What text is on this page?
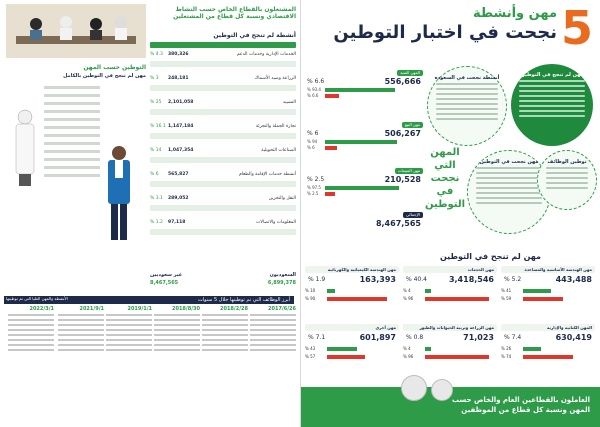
المشتغلون بالقطاع الخاص حسب النشاط الاقتصادي ونسبة كل قطاع من المشتغلين
أنشطة لم تنجح في التوطين
الخدمات الإدارية وخدمات الدعم
380,326
% 4.3
الزراعة وصيد الأسماك
248,181
% 3
التشييد
2,101,058
% 25
تجارة الجملة والتجزئة
1,147,184
% 16.1
الصناعات التحويلية
1,047,354
% 14
أنشطة خدمات الإقامة والطعام
565,827
% 6
النقل والتخزين
289,052
% 3.1
المعلومات والاتصالات
97,118
% 1.2
السعوديون
6,899,378
غير سعوديين
8,467,565
التوطين حسب المهن
مهن لم تنجح في التوطين بالكامل
أبرز الوظائف التي تم توطينها خلال 5 سنوات
الأنشطة والمهن العليا التي تم توطينها
2017/6/26
2018/2/28
2018/8/30
2019/1/1
2021/9/1
2022/3/1
5
مهن وأنشطة
نجحت في اختبار التوطين
المهن الفنية
556,666
% 6.6
% 93.4
% 6.6
مهن البيع
506,267
% 6
% 94
% 6
مهن المبيعات
210,528
% 2.5
% 97.5
% 2.5
الإجمالي
8,467,565
المهن
التي
نجحت
في
التوطين
أنشطة نجحت في السعودة	مهن لم تنجح في التوطين
مهن نجحت في التوطين	توطين الوظائف
مهن لم تنجح في التوطين
مهن الهندسة الأساسية والمساعدة
443,488
% 5.2
% 41
% 59
مهن الخدمات
3,418,546
% 40.4
% 4
% 96
مهن الهندسة الكيميائية والكهربائية
163,393
% 1.9
% 10
% 90
المهن الكتابية والإدارية
630,419
% 7.4
% 26
% 74
مهن الزراعة وتربية الحيوانات والطيور
71,023
% 0.8
% 4
% 96
مهن أخرى
601,897
% 7.1
% 43
% 57
العاملون بالقطاعين العام والخاص حسب المهن ونسبة كل قطاع من الموظفين
